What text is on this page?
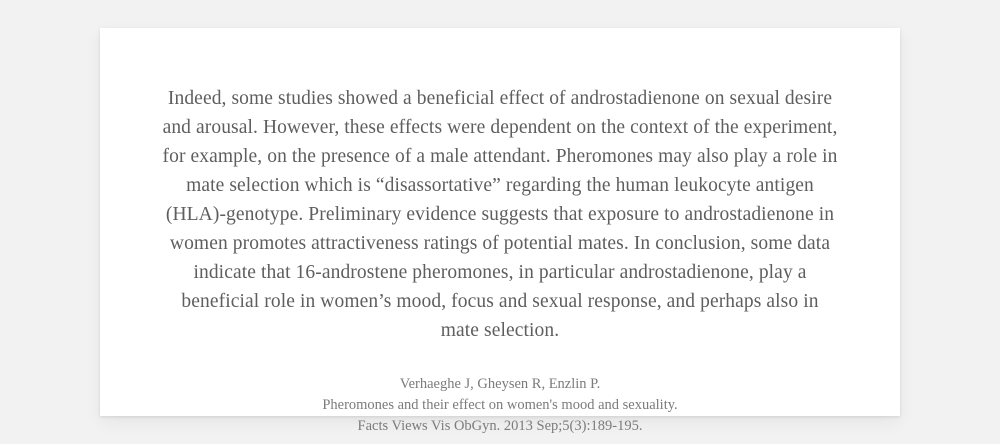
Indeed, some studies showed a beneficial effect of androstadienone on sexual desire and arousal. However, these effects were dependent on the context of the experiment, for example, on the presence of a male attendant. Pheromones may also play a role in mate selection which is “disassortative” regarding the human leukocyte antigen (HLA)-genotype. Preliminary evidence suggests that exposure to androstadienone in women promotes attractiveness ratings of potential mates. In conclusion, some data indicate that 16-androstene pheromones, in particular androstadienone, play a beneficial role in women’s mood, focus and sexual response, and perhaps also in mate selection.

Verhaeghe J, Gheysen R, Enzlin P.
Pheromones and their effect on women's mood and sexuality.
Facts Views Vis ObGyn. 2013 Sep;5(3):189-195.
